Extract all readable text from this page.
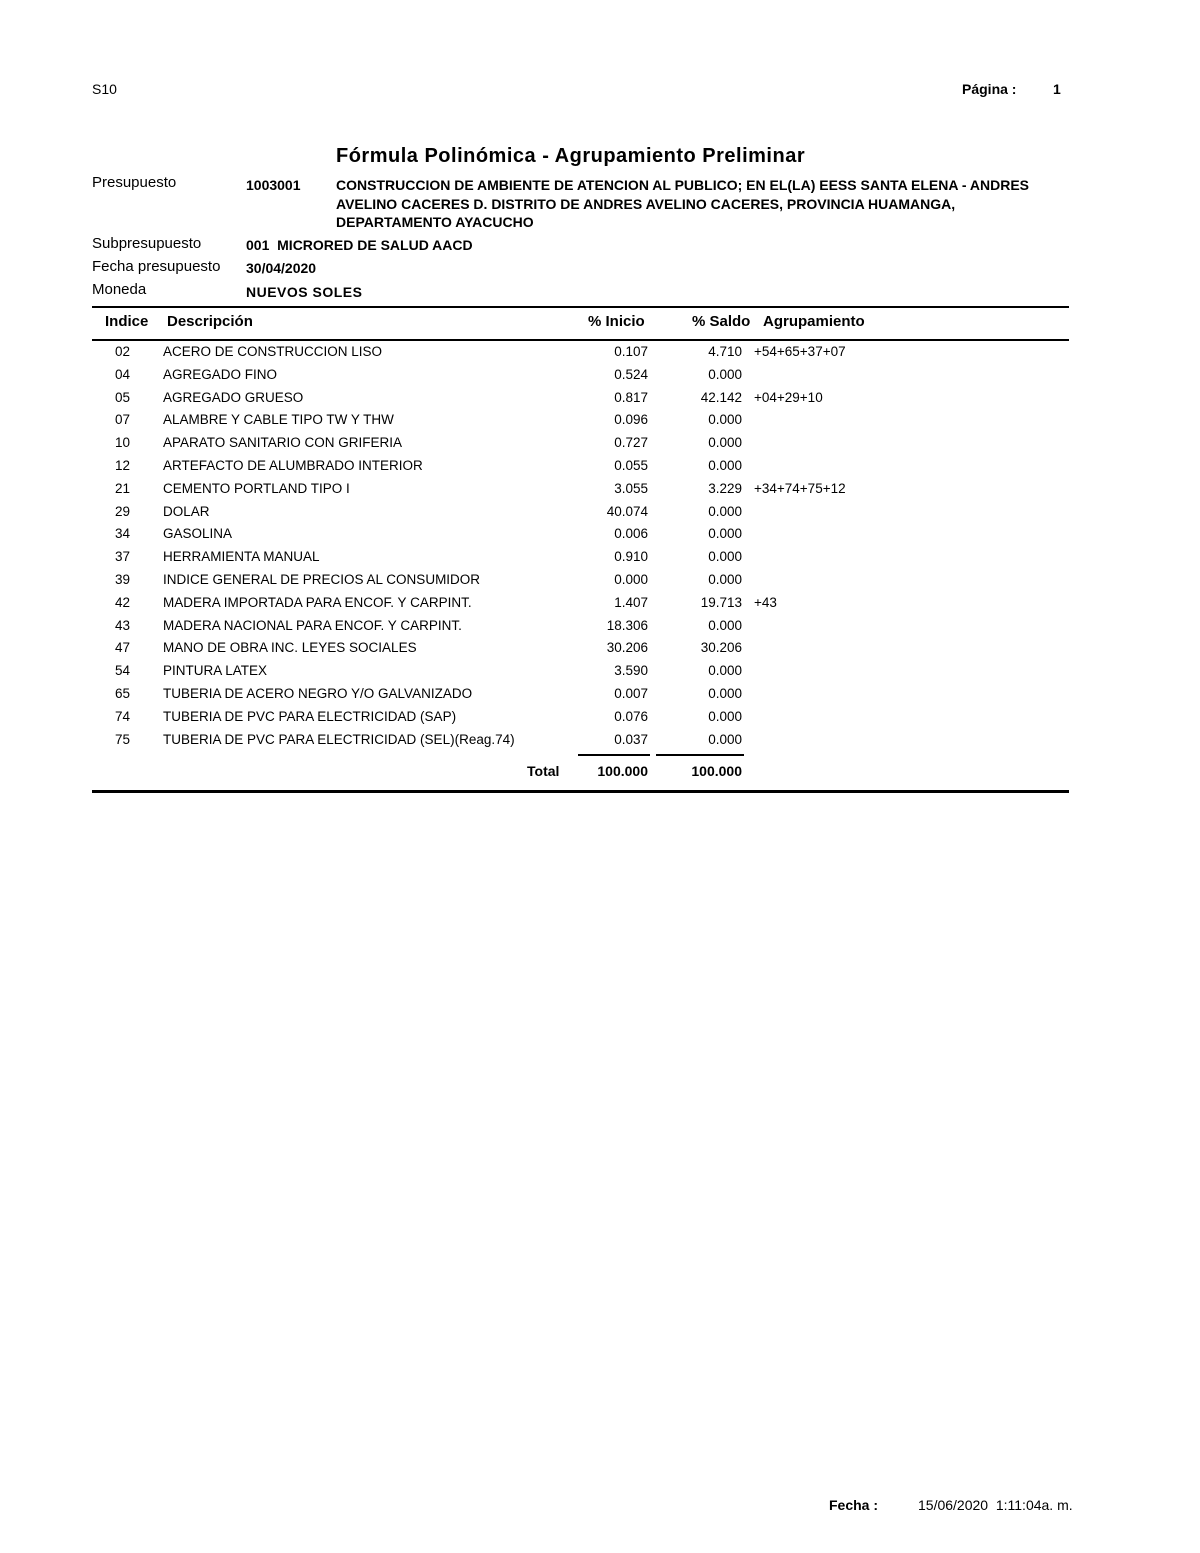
S10	Página :	1
Fórmula Polinómica - Agrupamiento Preliminar
Presupuesto	1003001	CONSTRUCCION DE AMBIENTE DE ATENCION AL PUBLICO; EN EL(LA) EESS SANTA ELENA - ANDRES AVELINO CACERES D. DISTRITO DE ANDRES AVELINO CACERES, PROVINCIA HUAMANGA, DEPARTAMENTO AYACUCHO
Subpresupuesto	001  MICRORED DE SALUD AACD
Fecha presupuesto 30/04/2020
Moneda	NUEVOS SOLES
Indice Descripción	% Inicio	% Saldo Agrupamiento
02 ACERO DE CONSTRUCCION LISO	0.107	4.710 +54+65+37+07
04 AGREGADO FINO	0.524	0.000
05 AGREGADO GRUESO	0.817	42.142 +04+29+10
07 ALAMBRE Y CABLE TIPO TW Y THW	0.096	0.000
10 APARATO SANITARIO CON GRIFERIA	0.727	0.000
12 ARTEFACTO DE ALUMBRADO INTERIOR	0.055	0.000
21 CEMENTO PORTLAND TIPO I	3.055	3.229 +34+74+75+12
29 DOLAR	40.074	0.000
34 GASOLINA	0.006	0.000
37 HERRAMIENTA MANUAL	0.910	0.000
39 INDICE GENERAL DE PRECIOS AL CONSUMIDOR	0.000	0.000
42 MADERA IMPORTADA PARA ENCOF. Y CARPINT.	1.407	19.713 +43
43 MADERA NACIONAL PARA ENCOF. Y CARPINT.	18.306	0.000
47 MANO DE OBRA INC. LEYES SOCIALES	30.206	30.206
54 PINTURA LATEX	3.590	0.000
65 TUBERIA DE ACERO NEGRO Y/O GALVANIZADO	0.007	0.000
74 TUBERIA DE PVC PARA ELECTRICIDAD (SAP)	0.076	0.000
75 TUBERIA DE PVC PARA ELECTRICIDAD (SEL)(Reag.74)	0.037	0.000
Total	100.000	100.000
Fecha :	15/06/2020  1:11:04a. m.
